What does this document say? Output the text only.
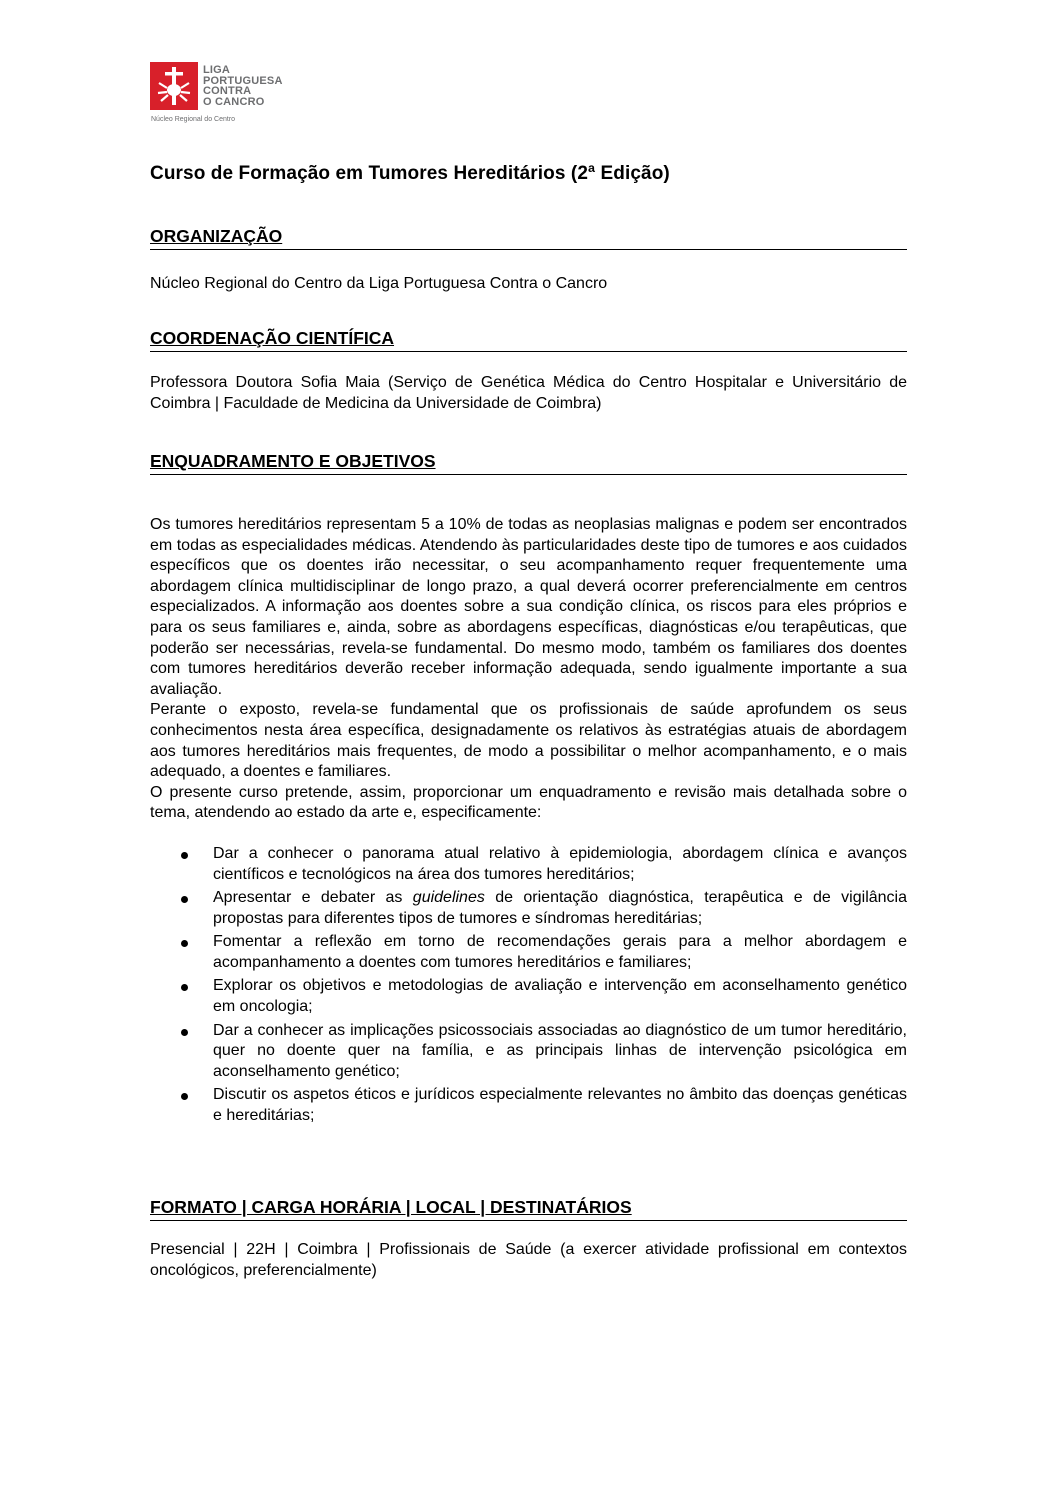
LIGA
PORTUGUESA
CONTRA
O CANCRO
Núcleo Regional do Centro
Curso de Formação em Tumores Hereditários (2ª Edição)
ORGANIZAÇÃO
Núcleo Regional do Centro da Liga Portuguesa Contra o Cancro
COORDENAÇÃO CIENTÍFICA
Professora Doutora Sofia Maia (Serviço de Genética Médica do Centro Hospitalar e Universitário de Coimbra | Faculdade de Medicina da Universidade de Coimbra)
ENQUADRAMENTO E OBJETIVOS
Os tumores hereditários representam 5 a 10% de todas as neoplasias malignas e podem ser encontrados em todas as especialidades médicas. Atendendo às particularidades deste tipo de tumores e aos cuidados específicos que os doentes irão necessitar, o seu acompanhamento requer frequentemente uma abordagem clínica multidisciplinar de longo prazo, a qual deverá ocorrer preferencialmente em centros especializados. A informação aos doentes sobre a sua condição clínica, os riscos para eles próprios e para os seus familiares e, ainda, sobre as abordagens específicas, diagnósticas e/ou terapêuticas, que poderão ser necessárias, revela-se fundamental. Do mesmo modo, também os familiares dos doentes com tumores hereditários deverão receber informação adequada, sendo igualmente importante a sua avaliação.
Perante o exposto, revela-se fundamental que os profissionais de saúde aprofundem os seus conhecimentos nesta área específica, designadamente os relativos às estratégias atuais de abordagem aos tumores hereditários mais frequentes, de modo a possibilitar o melhor acompanhamento, e o mais adequado, a doentes e familiares.
O presente curso pretende, assim, proporcionar um enquadramento e revisão mais detalhada sobre o tema, atendendo ao estado da arte e, especificamente:
Dar a conhecer o panorama atual relativo à epidemiologia, abordagem clínica e avanços científicos e tecnológicos na área dos tumores hereditários;
Apresentar e debater as guidelines de orientação diagnóstica, terapêutica e de vigilância propostas para diferentes tipos de tumores e síndromas hereditárias;
Fomentar a reflexão em torno de recomendações gerais para a melhor abordagem e acompanhamento a doentes com tumores hereditários e familiares;
Explorar os objetivos e metodologias de avaliação e intervenção em aconselhamento genético em oncologia;
Dar a conhecer as implicações psicossociais associadas ao diagnóstico de um tumor hereditário, quer no doente quer na família, e as principais linhas de intervenção psicológica em aconselhamento genético;
Discutir os aspetos éticos e jurídicos especialmente relevantes no âmbito das doenças genéticas e hereditárias;
FORMATO | CARGA HORÁRIA | LOCAL | DESTINATÁRIOS
Presencial | 22H | Coimbra | Profissionais de Saúde (a exercer atividade profissional em contextos oncológicos, preferencialmente)
